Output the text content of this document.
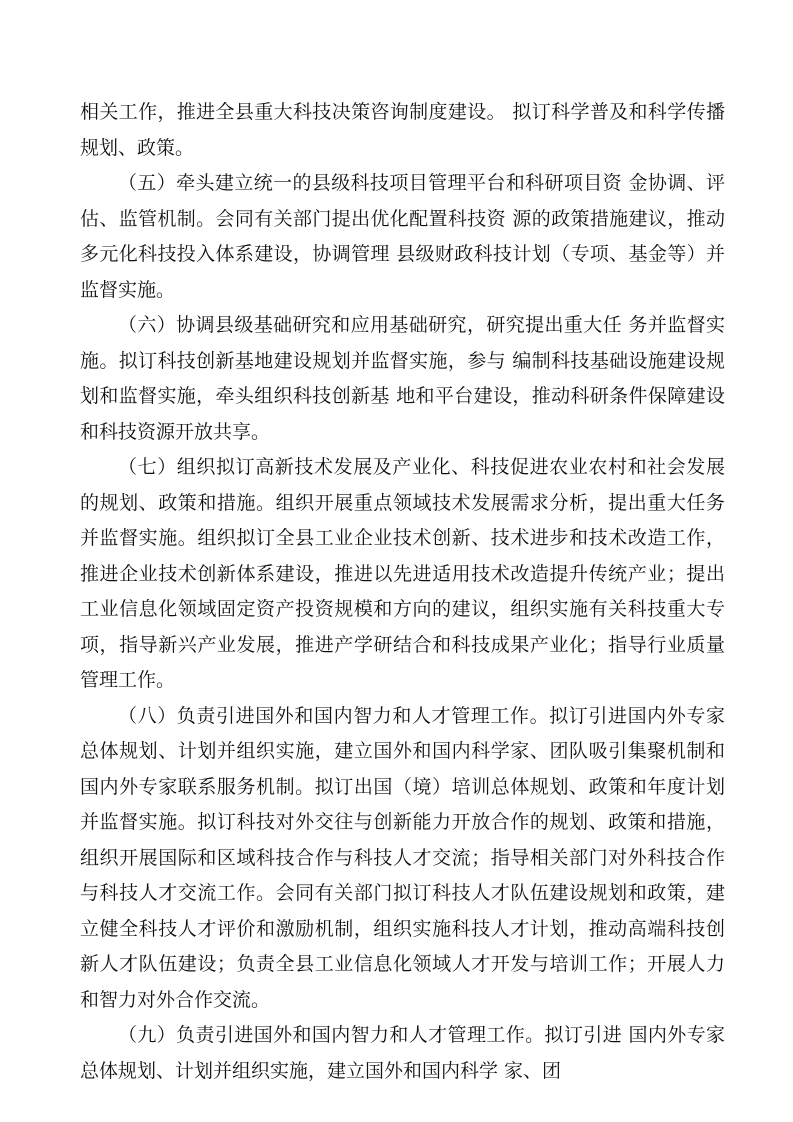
相关工作，推进全县重大科技决策咨询制度建设。 拟订科学普及和科学传播规划、政策。

（五）牵头建立统一的县级科技项目管理平台和科研项目资 金协调、评估、监管机制。会同有关部门提出优化配置科技资 源的政策措施建议，推动多元化科技投入体系建设，协调管理 县级财政科技计划（专项、基金等）并监督实施。

（六）协调县级基础研究和应用基础研究，研究提出重大任 务并监督实施。拟订科技创新基地建设规划并监督实施，参与 编制科技基础设施建设规划和监督实施，牵头组织科技创新基 地和平台建设，推动科研条件保障建设和科技资源开放共享。

（七）组织拟订高新技术发展及产业化、科技促进农业农村和社会发展的规划、政策和措施。组织开展重点领域技术发展需求分析，提出重大任务并监督实施。组织拟订全县工业企业技术创新、技术进步和技术改造工作，推进企业技术创新体系建设，推进以先进适用技术改造提升传统产业；提出工业信息化领域固定资产投资规模和方向的建议，组织实施有关科技重大专项，指导新兴产业发展，推进产学研结合和科技成果产业化；指导行业质量管理工作。

（八）负责引进国外和国内智力和人才管理工作。拟订引进国内外专家总体规划、计划并组织实施，建立国外和国内科学家、团队吸引集聚机制和国内外专家联系服务机制。拟订出国（境）培训总体规划、政策和年度计划并监督实施。拟订科技对外交往与创新能力开放合作的规划、政策和措施，组织开展国际和区域科技合作与科技人才交流；指导相关部门对外科技合作与科技人才交流工作。会同有关部门拟订科技人才队伍建设规划和政策，建立健全科技人才评价和激励机制，组织实施科技人才计划，推动高端科技创新人才队伍建设；负责全县工业信息化领域人才开发与培训工作；开展人力和智力对外合作交流。

（九）负责引进国外和国内智力和人才管理工作。拟订引进 国内外专家总体规划、计划并组织实施，建立国外和国内科学 家、团
